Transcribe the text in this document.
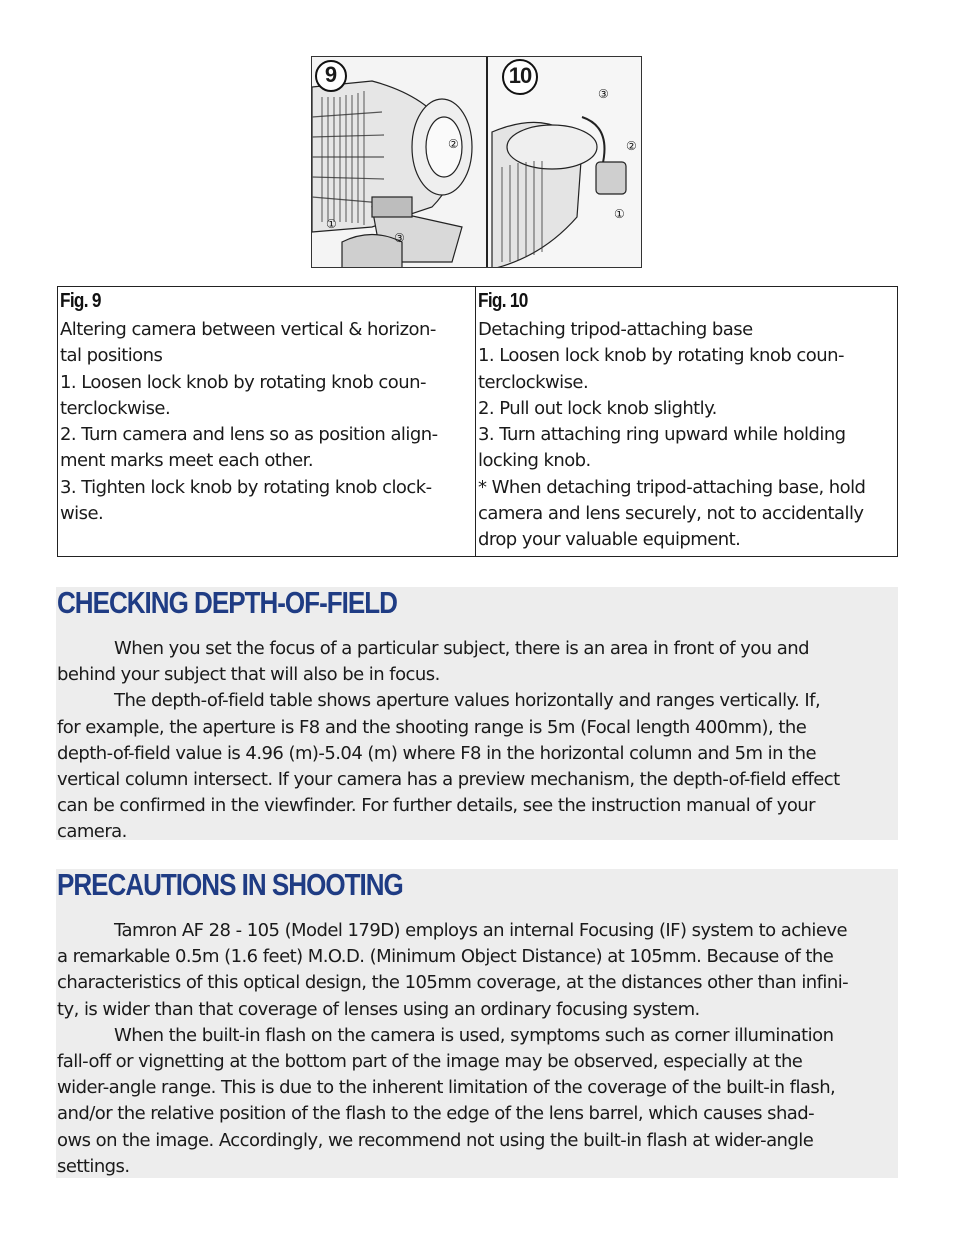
9	10
③
②
①
③
②
①
Fig. 9
Altering camera between vertical & horizon-
tal positions
1. Loosen lock knob by rotating knob coun-
terclockwise.
2. Turn camera and lens so as position align-
ment marks meet each other.
3. Tighten lock knob by rotating knob clock-
wise.
Fig. 10
Detaching tripod-attaching base
1. Loosen lock knob by rotating knob coun-
terclockwise.
2. Pull out lock knob slightly.
3. Turn attaching ring upward while holding
locking knob.
* When detaching tripod-attaching base, hold
camera and lens securely, not to accidentally
drop your valuable equipment.
CHECKING DEPTH-OF-FIELD
When you set the focus of a particular subject, there is an area in front of you and
behind your subject that will also be in focus.
The depth-of-field table shows aperture values horizontally and ranges vertically. If,
for example, the aperture is F8 and the shooting range is 5m (Focal length 400mm), the
depth-of-field value is 4.96 (m)-5.04 (m) where F8 in the horizontal column and 5m in the
vertical column intersect. If your camera has a preview mechanism, the depth-of-field effect
can be confirmed in the viewfinder. For further details, see the instruction manual of your
camera.
PRECAUTIONS IN SHOOTING
Tamron AF 28 - 105 (Model 179D) employs an internal Focusing (IF) system to achieve
a remarkable 0.5m (1.6 feet) M.O.D. (Minimum Object Distance) at 105mm. Because of the
characteristics of this optical design, the 105mm coverage, at the distances other than infini-
ty, is wider than that coverage of lenses using an ordinary focusing system.
When the built-in flash on the camera is used, symptoms such as corner illumination
fall-off or vignetting at the bottom part of the image may be observed, especially at the
wider-angle range. This is due to the inherent limitation of the coverage of the built-in flash,
and/or the relative position of the flash to the edge of the lens barrel, which causes shad-
ows on the image. Accordingly, we recommend not using the built-in flash at wider-angle
settings.
